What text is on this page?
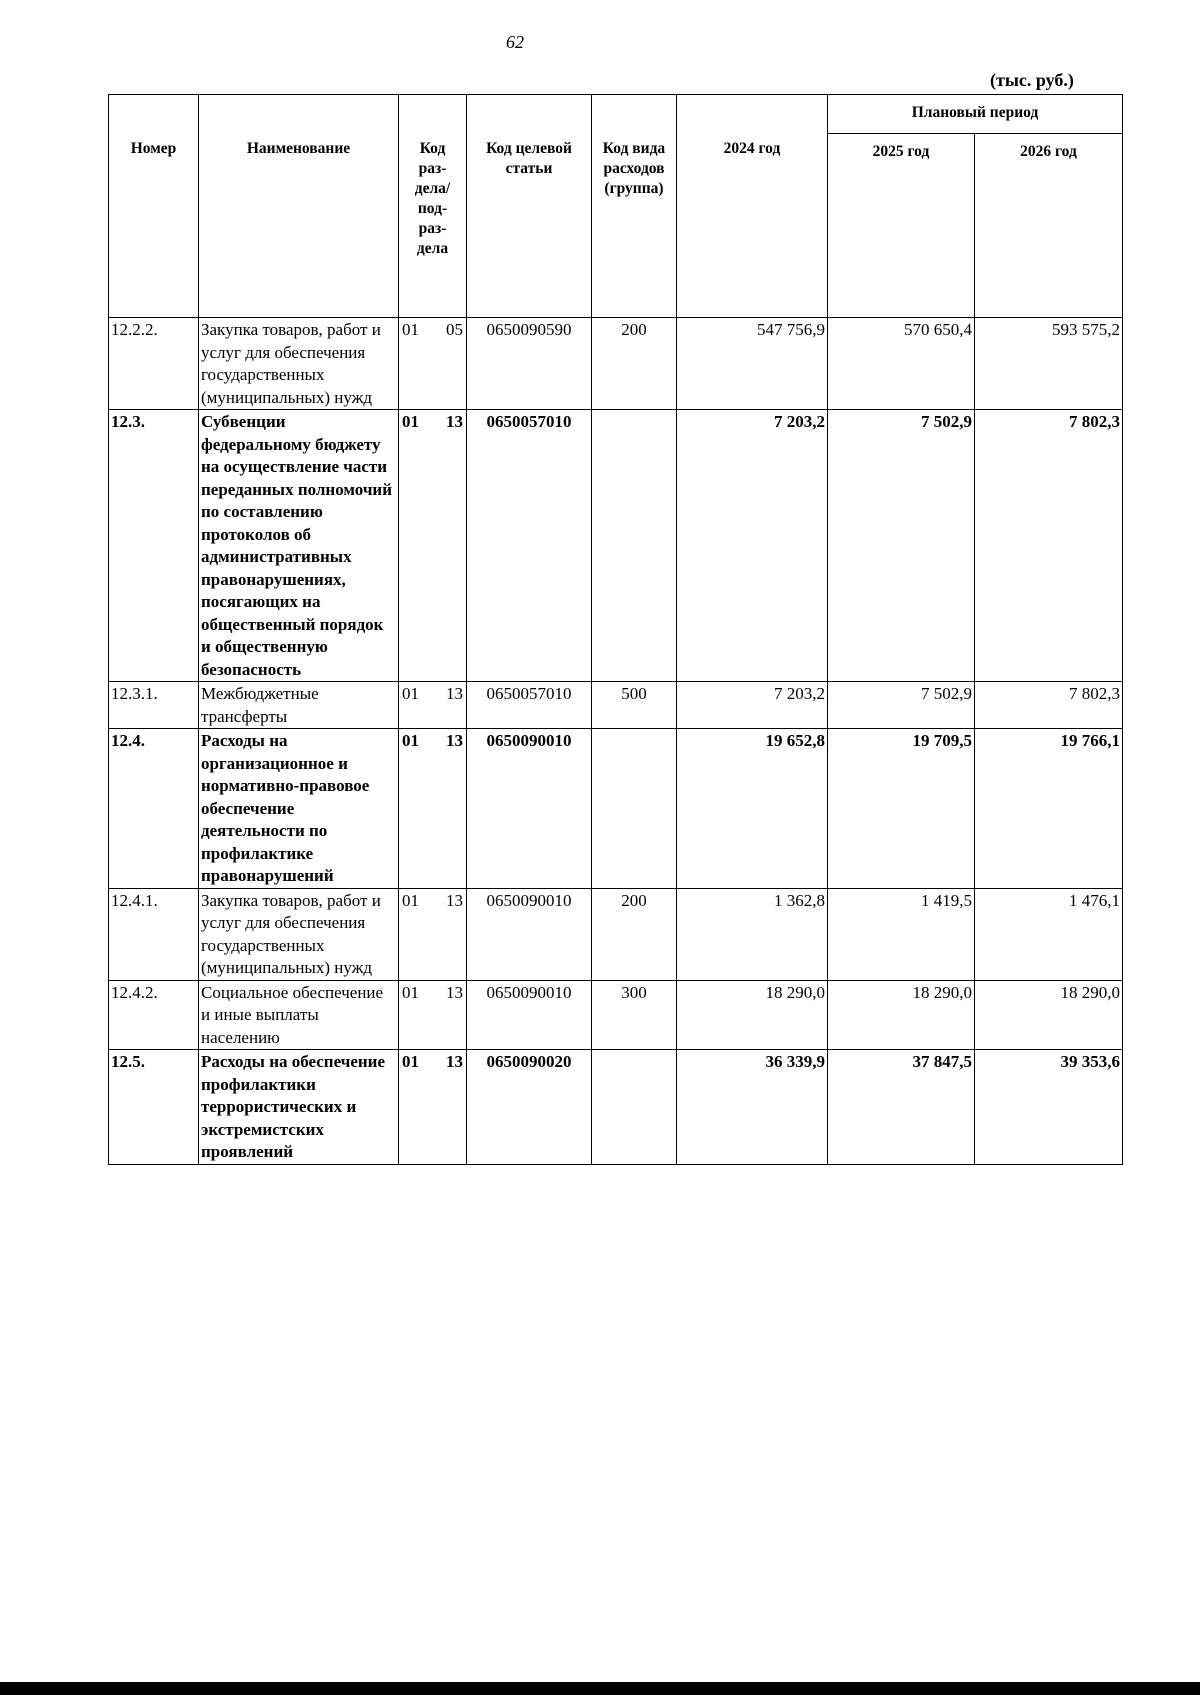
62
(тыс. руб.)
Номер	Наименование	Код раз- дела/ под- раз- дела	Код целевой статьи	Код вида расходов (группа)	2024 год	Плановый период	
						2025 год	2026 год
12.2.2.	Закупка товаров, работ и услуг для обеспечения государственных (муниципальных) нужд	01 05	0650090590	200	547 756,9	570 650,4	593 575,2
12.3.	Субвенции федеральному бюджету на осуществление части переданных полномочий по составлению протоколов об административных правонарушениях, посягающих на общественный порядок и общественную безопасность	01 13	0650057010		7 203,2	7 502,9	7 802,3
12.3.1.	Межбюджетные трансферты	01 13	0650057010	500	7 203,2	7 502,9	7 802,3
12.4.	Расходы на организационное и нормативно-правовое обеспечение деятельности по профилактике правонарушений	01 13	0650090010		19 652,8	19 709,5	19 766,1
12.4.1.	Закупка товаров, работ и услуг для обеспечения государственных (муниципальных) нужд	01 13	0650090010	200	1 362,8	1 419,5	1 476,1
12.4.2.	Социальное обеспечение и иные выплаты населению	01 13	0650090010	300	18 290,0	18 290,0	18 290,0
12.5.	Расходы на обеспечение профилактики террористических и экстремистских проявлений	01 13	0650090020		36 339,9	37 847,5	39 353,6
